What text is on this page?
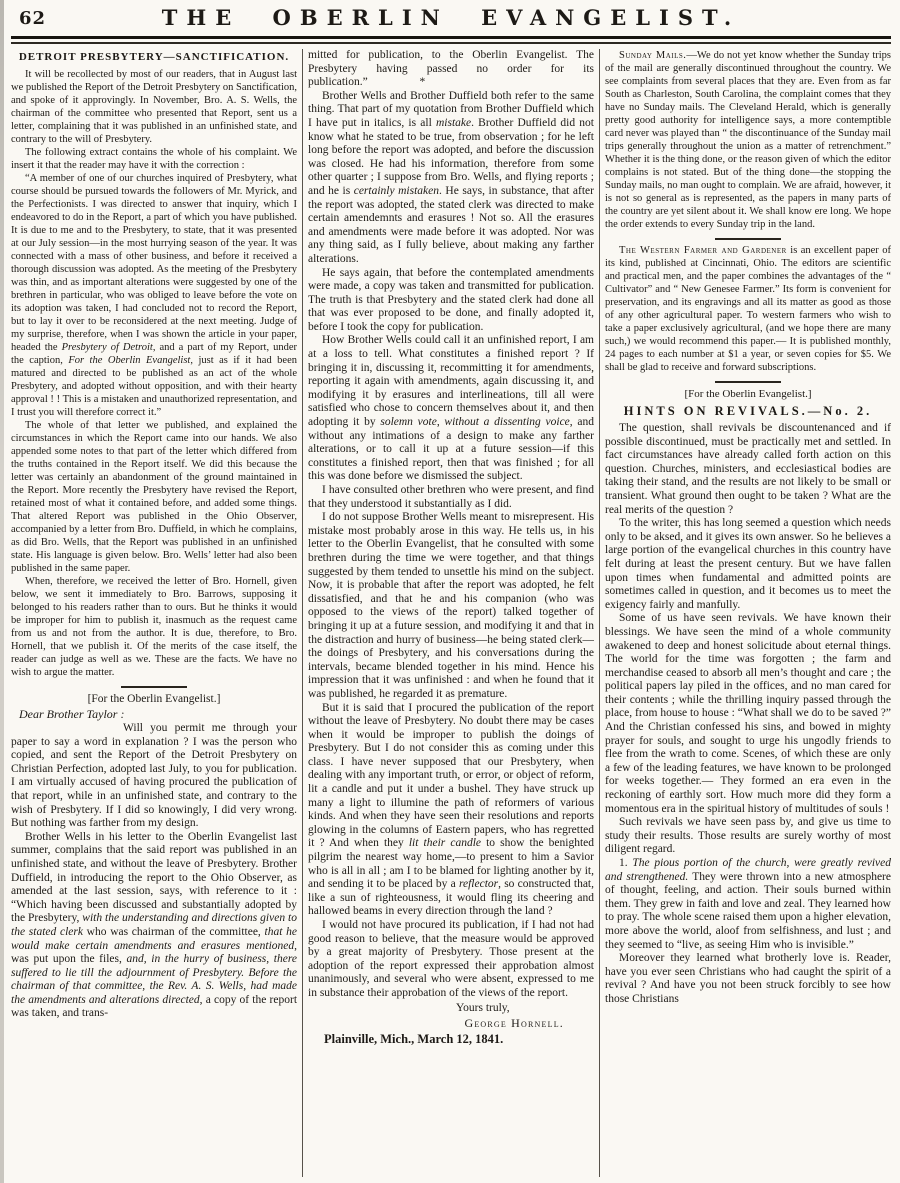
62	THE OBERLIN EVANGELIST.
DETROIT PRESBYTERY—SANCTIFICATION.

It will be recollected by most of our readers, that in August last we published the Report of the Detroit Presbytery on Sanctification, and spoke of it approvingly. In November, Bro. A. S. Wells, the chairman of the committee who presented that Report, sent us a letter, complaining that it was published in an unfinished state, and contrary to the will of Presbytery.

The following extract contains the whole of his complaint. We insert it that the reader may have it with the correction :

“A member of one of our churches inquired of Presbytery, what course should be pursued towards the followers of Mr. Myrick, and the Perfectionists. I was directed to answer that inquiry, which I endeavored to do in the Report, a part of which you have published. It is due to me and to the Presbytery, to state, that it was presented at our July session—in the most hurrying season of the year. It was connected with a mass of other business, and before it received a thorough discussion was adopted. As the meeting of the Presbytery was thin, and as important alterations were suggested by one of the brethren in particular, who was obliged to leave before the vote on its adoption was taken, I had concluded not to record the Report, but to lay it over to be reconsidered at the next meeting. Judge of my surprise, therefore, when I was shown the article in your paper, headed the Presbytery of Detroit, and a part of my Report, under the caption, For the Oberlin Evangelist, just as if it had been matured and directed to be published as an act of the whole Presbytery, and adopted without opposition, and with their hearty approval ! ! This is a mistaken and unauthorized representation, and I trust you will therefore correct it.”

The whole of that letter we published, and explained the circumstances in which the Report came into our hands. We also appended some notes to that part of the letter which differed from the truths contained in the Report itself. We did this because the letter was certainly an abandonment of the ground maintained in the Report. More recently the Presbytery have revised the Report, retained most of what it contained before, and added some things. That altered Report was published in the Ohio Observer, accompanied by a letter from Bro. Duffield, in which he complains, as did Bro. Wells, that the Report was published in an unfinished state. His language is given below. Bro. Wells’ letter had also been published in the same paper.

When, therefore, we received the letter of Bro. Hornell, given below, we sent it immediately to Bro. Barrows, supposing it belonged to his readers rather than to ours. But he thinks it would be improper for him to publish it, inasmuch as the request came from us and not from the author. It is due, therefore, to Bro. Hornell, that we publish it. Of the merits of the case itself, the reader can judge as well as we. These are the facts. We have no wish to argue the matter.

[For the Oberlin Evangelist.]

Dear Brother Taylor :

Will you permit me through your paper to say a word in explanation ? I was the person who copied, and sent the Report of the Detroit Presbytery on Christian Perfection, adopted last July, to you for publication. I am virtually accused of having procured the publication of that report, while in an unfinished state, and contrary to the wish of Presbytery. If I did so knowingly, I did very wrong. But nothing was farther from my design.

Brother Wells in his letter to the Oberlin Evangelist last summer, complains that the said report was published in an unfinished state, and without the leave of Presbytery. Brother Duffield, in introducing the report to the Ohio Observer, as amended at the last session, says, with reference to it : “Which having been discussed and substantially adopted by the Presbytery, with the understanding and directions given to the stated clerk who was chairman of the committee, that he would make certain amendments and erasures mentioned, was put upon the files, and, in the hurry of business, there suffered to lie till the adjournment of Presbytery. Before the chairman of that committee, the Rev. A. S. Wells, had made the amendments and alterations directed, a copy of the report was taken, and trans-

mitted for publication, to the Oberlin Evangelist. The Presbytery having passed no order for its publication.”      *

Brother Wells and Brother Duffield both refer to the same thing. That part of my quotation from Brother Duffield which I have put in italics, is all mistake. Brother Duffield did not know what he stated to be true, from observation ; for he left long before the report was adopted, and before the discussion was closed. He had his information, therefore from some other quarter ; I suppose from Bro. Wells, and flying reports ; and he is certainly mistaken. He says, in substance, that after the report was adopted, the stated clerk was directed to make certain amendemnts and erasures ! Not so. All the erasures and amendments were made before it was adopted. Nor was any thing said, as I fully believe, about making any farther alterations.

He says again, that before the contemplated amendments were made, a copy was taken and transmitted for publication. The truth is that Presbytery and the stated clerk had done all that was ever proposed to be done, and finally adopted it, before I took the copy for publication.

How Brother Wells could call it an unfinished report, I am at a loss to tell. What constitutes a finished report ? If bringing it in, discussing it, recommitting it for amendments, reporting it again with amendments, again discussing it, and modifying it by erasures and interlineations, till all were satisfied who chose to concern themselves about it, and then adopting it by solemn vote, without a dissenting voice, and without any intimations of a design to make any farther alterations, or to call it up at a future session—if this constitutes a finished report, then that was finished ; for all this was done before we dismissed the subject.

I have consulted other brethren who were present, and find that they understood it substantially as I did.

I do not suppose Brother Wells meant to misrepresent. His mistake most probably arose in this way. He tells us, in his letter to the Oberlin Evangelist, that he consulted with some brethren during the time we were together, and that things suggested by them tended to unsettle his mind on the subject. Now, it is probable that after the report was adopted, he felt dissatisfied, and that he and his companion (who was opposed to the views of the report) talked together of bringing it up at a future session, and modifying it and that in the distraction and hurry of business—he being stated clerk—the doings of Presbytery, and his conversations during the intervals, became blended together in his mind. Hence his impression that it was unfinished : and when he found that it was published, he regarded it as premature.

But it is said that I procured the publication of the report without the leave of Presbytery. No doubt there may be cases when it would be improper to publish the doings of Presbytery. But I do not consider this as coming under this class. I have never supposed that our Presbytery, when dealing with any important truth, or error, or object of reform, lit a candle and put it under a bushel. They have struck up many a light to illumine the path of reformers of various kinds. And when they have seen their resolutions and reports glowing in the columns of Eastern papers, who has regretted it ? And when they lit their candle to show the benighted pilgrim the nearest way home,—to present to him a Savior who is all in all ; am I to be blamed for lighting another by it, and sending it to be placed by a reflector, so constructed that, like a sun of righteousness, it would fling its cheering and hallowed beams in every direction through the land ?

I would not have procured its publication, if I had not had good reason to believe, that the measure would be approved by a great majority of Presbytery. Those present at the adoption of the report expressed their approbation almost unanimously, and several who were absent, expressed to me in substance their approbation of the views of the report.

Yours truly,
George Hornell.
Plainville, Mich., March 12, 1841.

Sunday Mails.—We do not yet know whether the Sunday trips of the mail are generally discontinued throughout the country. We see complaints from several places that they are. Even from as far South as Charleston, South Carolina, the complaint comes that they have no Sunday mails. The Cleveland Herald, which is generally pretty good authority for intelligence says, a more contemptible card never was played than “ the discontinuance of the Sunday mail trips generally throughout the union as a matter of retrenchment.” Whether it is the thing done, or the reason given of which the editor complains is not stated. But of the thing done—the stopping the Sunday mails, no man ought to complain. We are afraid, however, it is not so general as is represented, as the papers in many parts of the country are yet silent about it. We shall know ere long. We hope the order extends to every Sunday trip in the land.

The Western Farmer and Gardener is an excellent paper of its kind, published at Cincinnati, Ohio. The editors are scientific and practical men, and the paper combines the advantages of the “ Cultivator” and “ New Genesee Farmer.” Its form is convenient for preservation, and its engravings and all its matter as good as those of any other agricultural paper. To western farmers who wish to take a paper exclusively agricultural, (and we hope there are many such,) we would recommend this paper.— It is published monthly, 24 pages to each number at $1 a year, or seven copies for $5. We shall be glad to receive and forward subscriptions.

[For the Oberlin Evangelist.]
HINTS ON REVIVALS.—No. 2.

The question, shall revivals be discountenanced and if possible discontinued, must be practically met and settled. In fact circumstances have already called forth action on this question. Churches, ministers, and ecclesiastical bodies are taking their stand, and the results are not likely to be small or transient. What ground then ought to be taken ? What are the real merits of the question ?

To the writer, this has long seemed a question which needs only to be aksed, and it gives its own answer. So he believes a large portion of the evangelical churches in this country have felt during at least the present century. But we have fallen upon times when fundamental and admitted points are sometimes called in question, and it becomes us to meet the exigency fairly and manfully.

Some of us have seen revivals. We have known their blessings. We have seen the mind of a whole community awakened to deep and honest solicitude about eternal things. The world for the time was forgotten ; the farm and merchandise ceased to absorb all men’s thought and care ; the political papers lay piled in the offices, and no man cared for their contents ; while the thrilling inquiry passed through the place, from house to house : “What shall we do to be saved ?” And the Christian confessed his sins, and bowed in mighty prayer for souls, and sought to urge his ungodly friends to flee from the wrath to come. Scenes, of which these are only a few of the leading features, we have known to be prolonged for weeks together.— They formed an era even in the reckoning of earthly sort. How much more did they form a momentous era in the spiritual history of multitudes of souls !

Such revivals we have seen pass by, and give us time to study their results. Those results are surely worthy of most diligent regard.

1. The pious portion of the church, were greatly revived and strengthened. They were thrown into a new atmosphere of thought, feeling, and action. Their souls burned within them. They grew in faith and love and zeal. They learned how to pray. The whole scene raised them upon a higher elevation, more above the world, aloof from selfishness, and lust ; and they seemed to “live, as seeing Him who is invisible.”

Moreover they learned what brotherly love is. Reader, have you ever seen Christians who had caught the spirit of a revival ? And have you not been struck forcibly to see how those Christians
